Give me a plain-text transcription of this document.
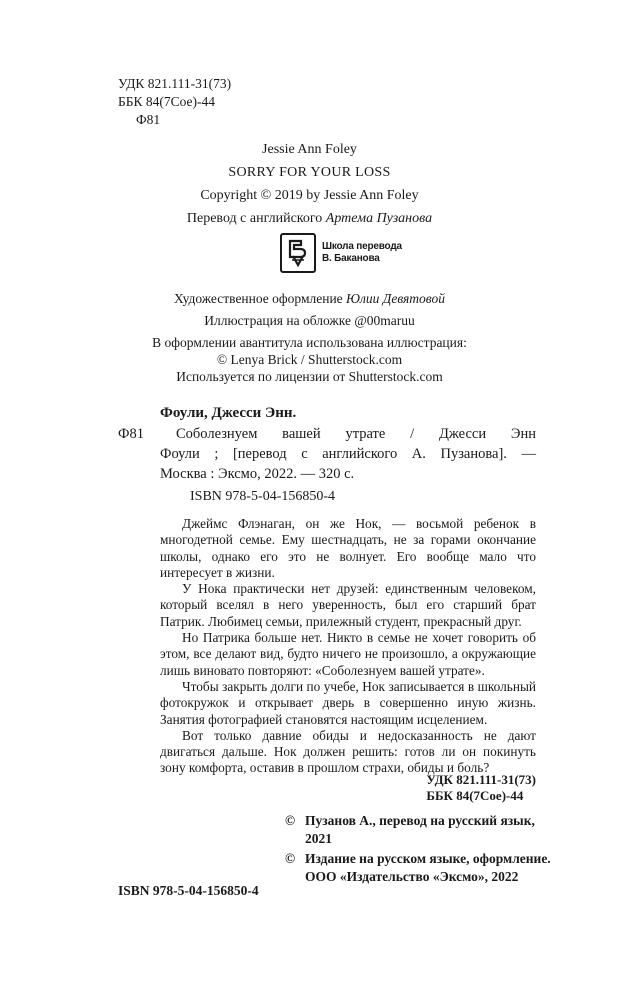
УДК 821.111-31(73)
ББК 84(7Сое)-44
Ф81
Jessie Ann Foley
SORRY FOR YOUR LOSS
Copyright © 2019 by Jessie Ann Foley
Перевод с английского Артема Пузанова
Школа перевода
В. Баканова
Художественное оформление Юлии Девятовой
Иллюстрация на обложке @00maruu
В оформлении авантитула использована иллюстрация:
© Lenya Brick / Shutterstock.com
Используется по лицензии от Shutterstock.com
Фоули, Джесси Энн.
Ф81	Соболезнуем вашей утрате / Джесси Энн
Фоули ; [перевод с английского А. Пузанова]. —
Москва : Эксмо, 2022. — 320 с.
ISBN 978-5-04-156850-4

Джеймс Флэнаган, он же Нок, — восьмой ребенок в многодетной семье. Ему шестнадцать, не за горами окончание школы, однако его это не волнует. Его вообще мало что интересует в жизни.

У Нока практически нет друзей: единственным человеком, который вселял в него уверенность, был его старший брат Патрик. Любимец семьи, прилежный студент, прекрасный друг.

Но Патрика больше нет. Никто в семье не хочет говорить об этом, все делают вид, будто ничего не произошло, а окружающие лишь виновато повторяют: «Соболезнуем вашей утрате».

Чтобы закрыть долги по учебе, Нок записывается в школьный фотокружок и открывает дверь в совершенно иную жизнь. Занятия фотографией становятся настоящим исцелением.

Вот только давние обиды и недосказанность не дают двигаться дальше. Нок должен решить: готов ли он покинуть зону комфорта, оставив в прошлом страхи, обиды и боль?

УДК 821.111-31(73)
ББК 84(7Сое)-44
© Пузанов А., перевод на русский язык, 2021
© Издание на русском языке, оформление. ООО «Издательство «Эксмо», 2022
ISBN 978-5-04-156850-4
